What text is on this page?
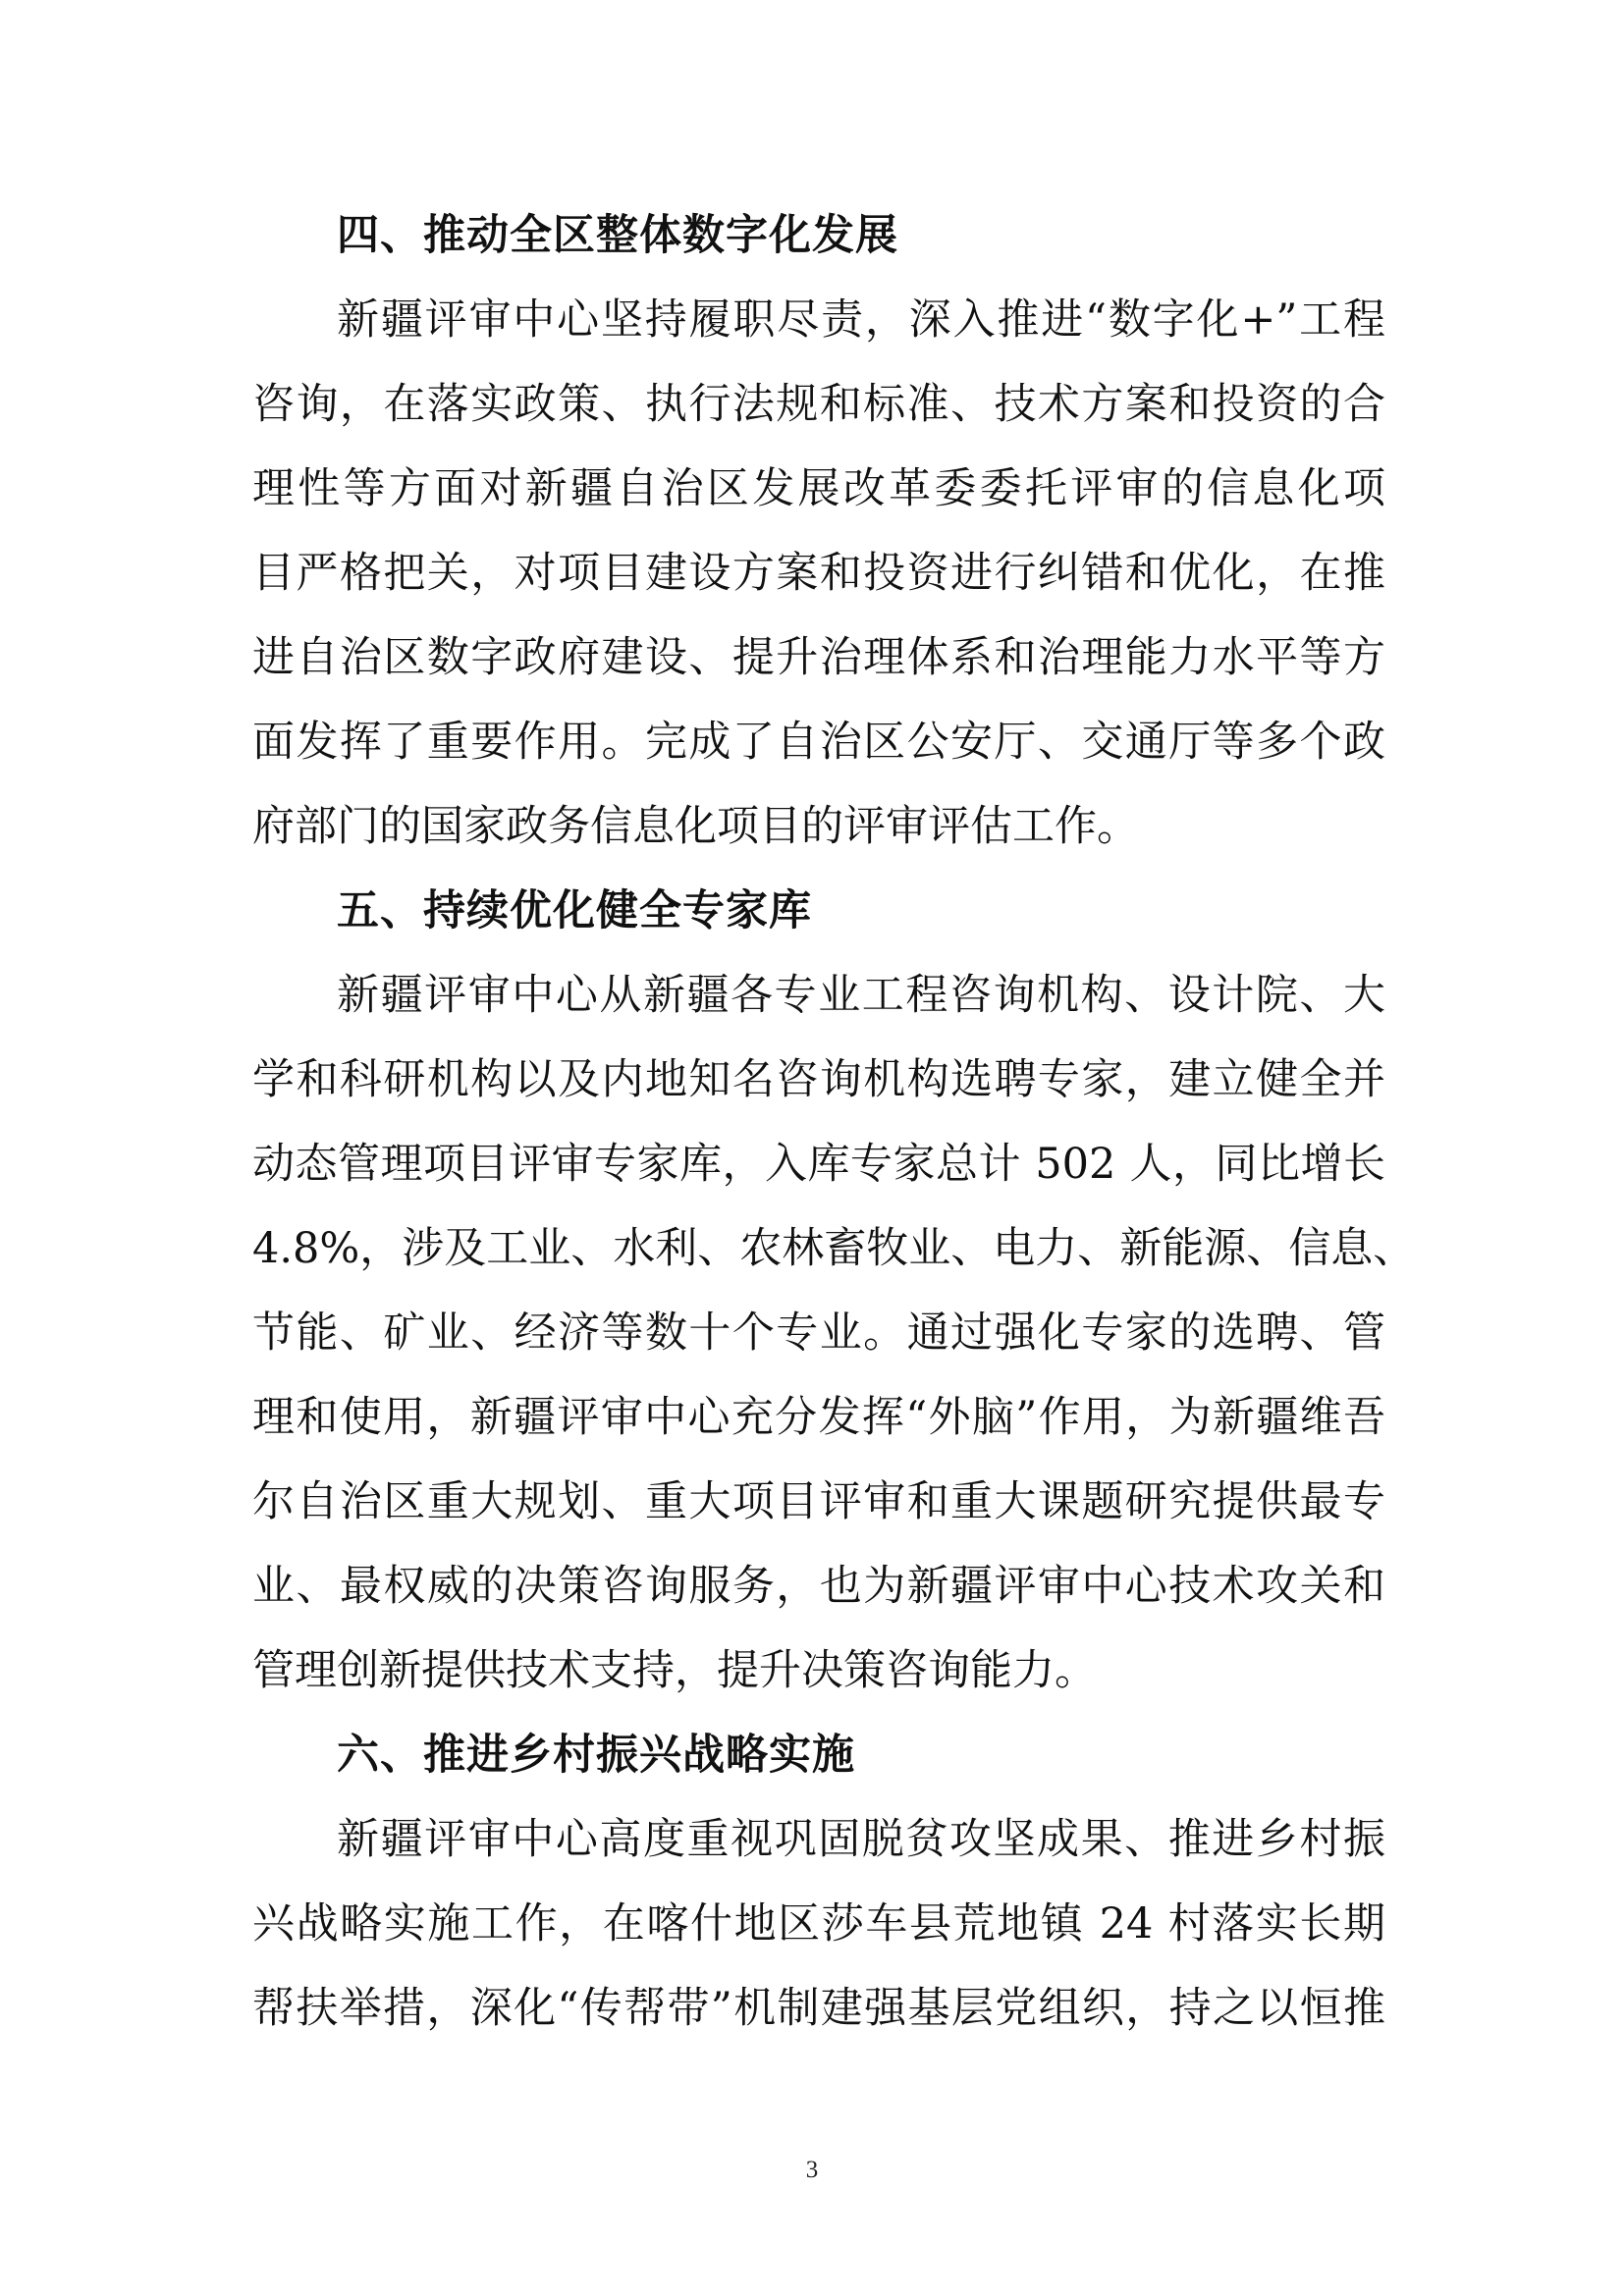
四、推动全区整体数字化发展
新疆评审中心坚持履职尽责，深入推进“数字化+”工程
咨询，在落实政策、执行法规和标准、技术方案和投资的合
理性等方面对新疆自治区发展改革委委托评审的信息化项
目严格把关，对项目建设方案和投资进行纠错和优化，在推
进自治区数字政府建设、提升治理体系和治理能力水平等方
面发挥了重要作用。完成了自治区公安厅、交通厅等多个政
府部门的国家政务信息化项目的评审评估工作。
五、持续优化健全专家库
新疆评审中心从新疆各专业工程咨询机构、设计院、大
学和科研机构以及内地知名咨询机构选聘专家，建立健全并
动态管理项目评审专家库，入库专家总计 502 人，同比增长
4.8%，涉及工业、水利、农林畜牧业、电力、新能源、信息、
节能、矿业、经济等数十个专业。通过强化专家的选聘、管
理和使用，新疆评审中心充分发挥“外脑”作用，为新疆维吾
尔自治区重大规划、重大项目评审和重大课题研究提供最专
业、最权威的决策咨询服务，也为新疆评审中心技术攻关和
管理创新提供技术支持，提升决策咨询能力。
六、推进乡村振兴战略实施
新疆评审中心高度重视巩固脱贫攻坚成果、推进乡村振
兴战略实施工作，在喀什地区莎车县荒地镇 24 村落实长期
帮扶举措，深化“传帮带”机制建强基层党组织，持之以恒推
3
